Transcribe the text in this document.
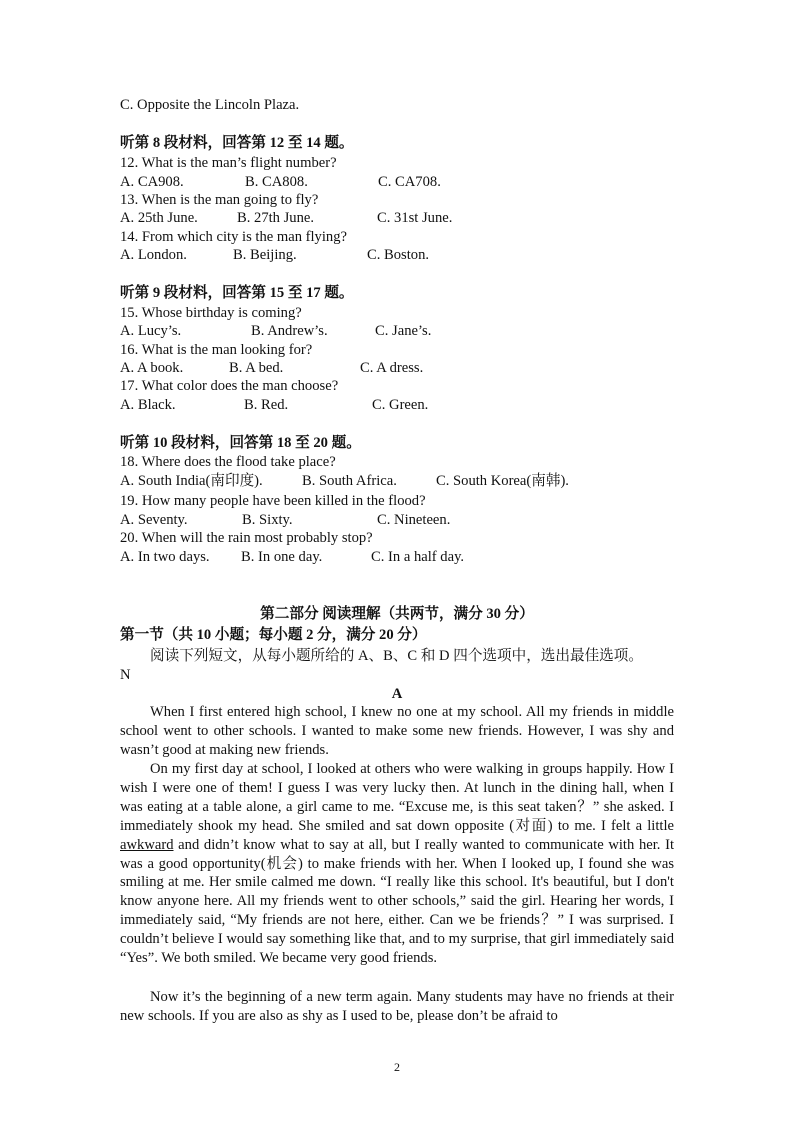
C. Opposite the Lincoln Plaza.

听第 8 段材料，回答第 12 至 14 题。

12. What is the man’s flight number?

A. CA908.	B. CA808.	C. CA708.

13. When is the man going to fly?

A. 25th June.	B. 27th June.	C. 31st June.

14. From which city is the man flying?

A. London.	B. Beijing.	C. Boston.

听第 9 段材料，回答第 15 至 17 题。

15. Whose birthday is coming?

A. Lucy’s.	B. Andrew’s.	C. Jane’s.

16. What is the man looking for?

A. A book.	B. A bed.	C. A dress.

17. What color does the man choose?

A. Black.	B. Red.	C. Green.

听第 10 段材料，回答第 18 至 20 题。

18. Where does the flood take place?

A. South India(南印度).	B. South Africa.	C. South Korea(南韩).

19. How many people have been killed in the flood?

A. Seventy.	B. Sixty.	C. Nineteen.

20. When will the rain most probably stop?

A. In two days. B. In one day.	C. In a half day.

第二部分 阅读理解（共两节，满分 30 分）

第一节（共 10 小题；每小题 2 分，满分 20 分）

阅读下列短文，从每小题所给的 A、B、C 和 D 四个选项中，选出最佳选项。

N

A

When I first entered high school, I knew no one at my school. All my friends in middle school went to other schools. I wanted to make some new friends. However, I was shy and wasn’t good at making new friends.

On my first day at school, I looked at others who were walking in groups happily. How I wish I were one of them! I guess I was very lucky then. At lunch in the dining hall, when I was eating at a table alone, a girl came to me. “Excuse me, is this seat taken？” she asked. I immediately shook my head. She smiled and sat down opposite (对面) to me. I felt a little awkward and didn’t know what to say at all, but I really wanted to communicate with her. It was a good opportunity(机会) to make friends with her. When I looked up, I found she was smiling at me. Her smile calmed me down. “I really like this school. It's beautiful, but I don't know anyone here. All my friends went to other schools,” said the girl. Hearing her words, I immediately said, “My friends are not here, either. Can we be friends？” I was surprised. I couldn’t believe I would say something like that, and to my surprise, that girl immediately said “Yes”. We both smiled. We became very good friends.

Now it’s the beginning of a new term again. Many students may have no friends at their new schools. If you are also as shy as I used to be, please don’t be afraid to

2
